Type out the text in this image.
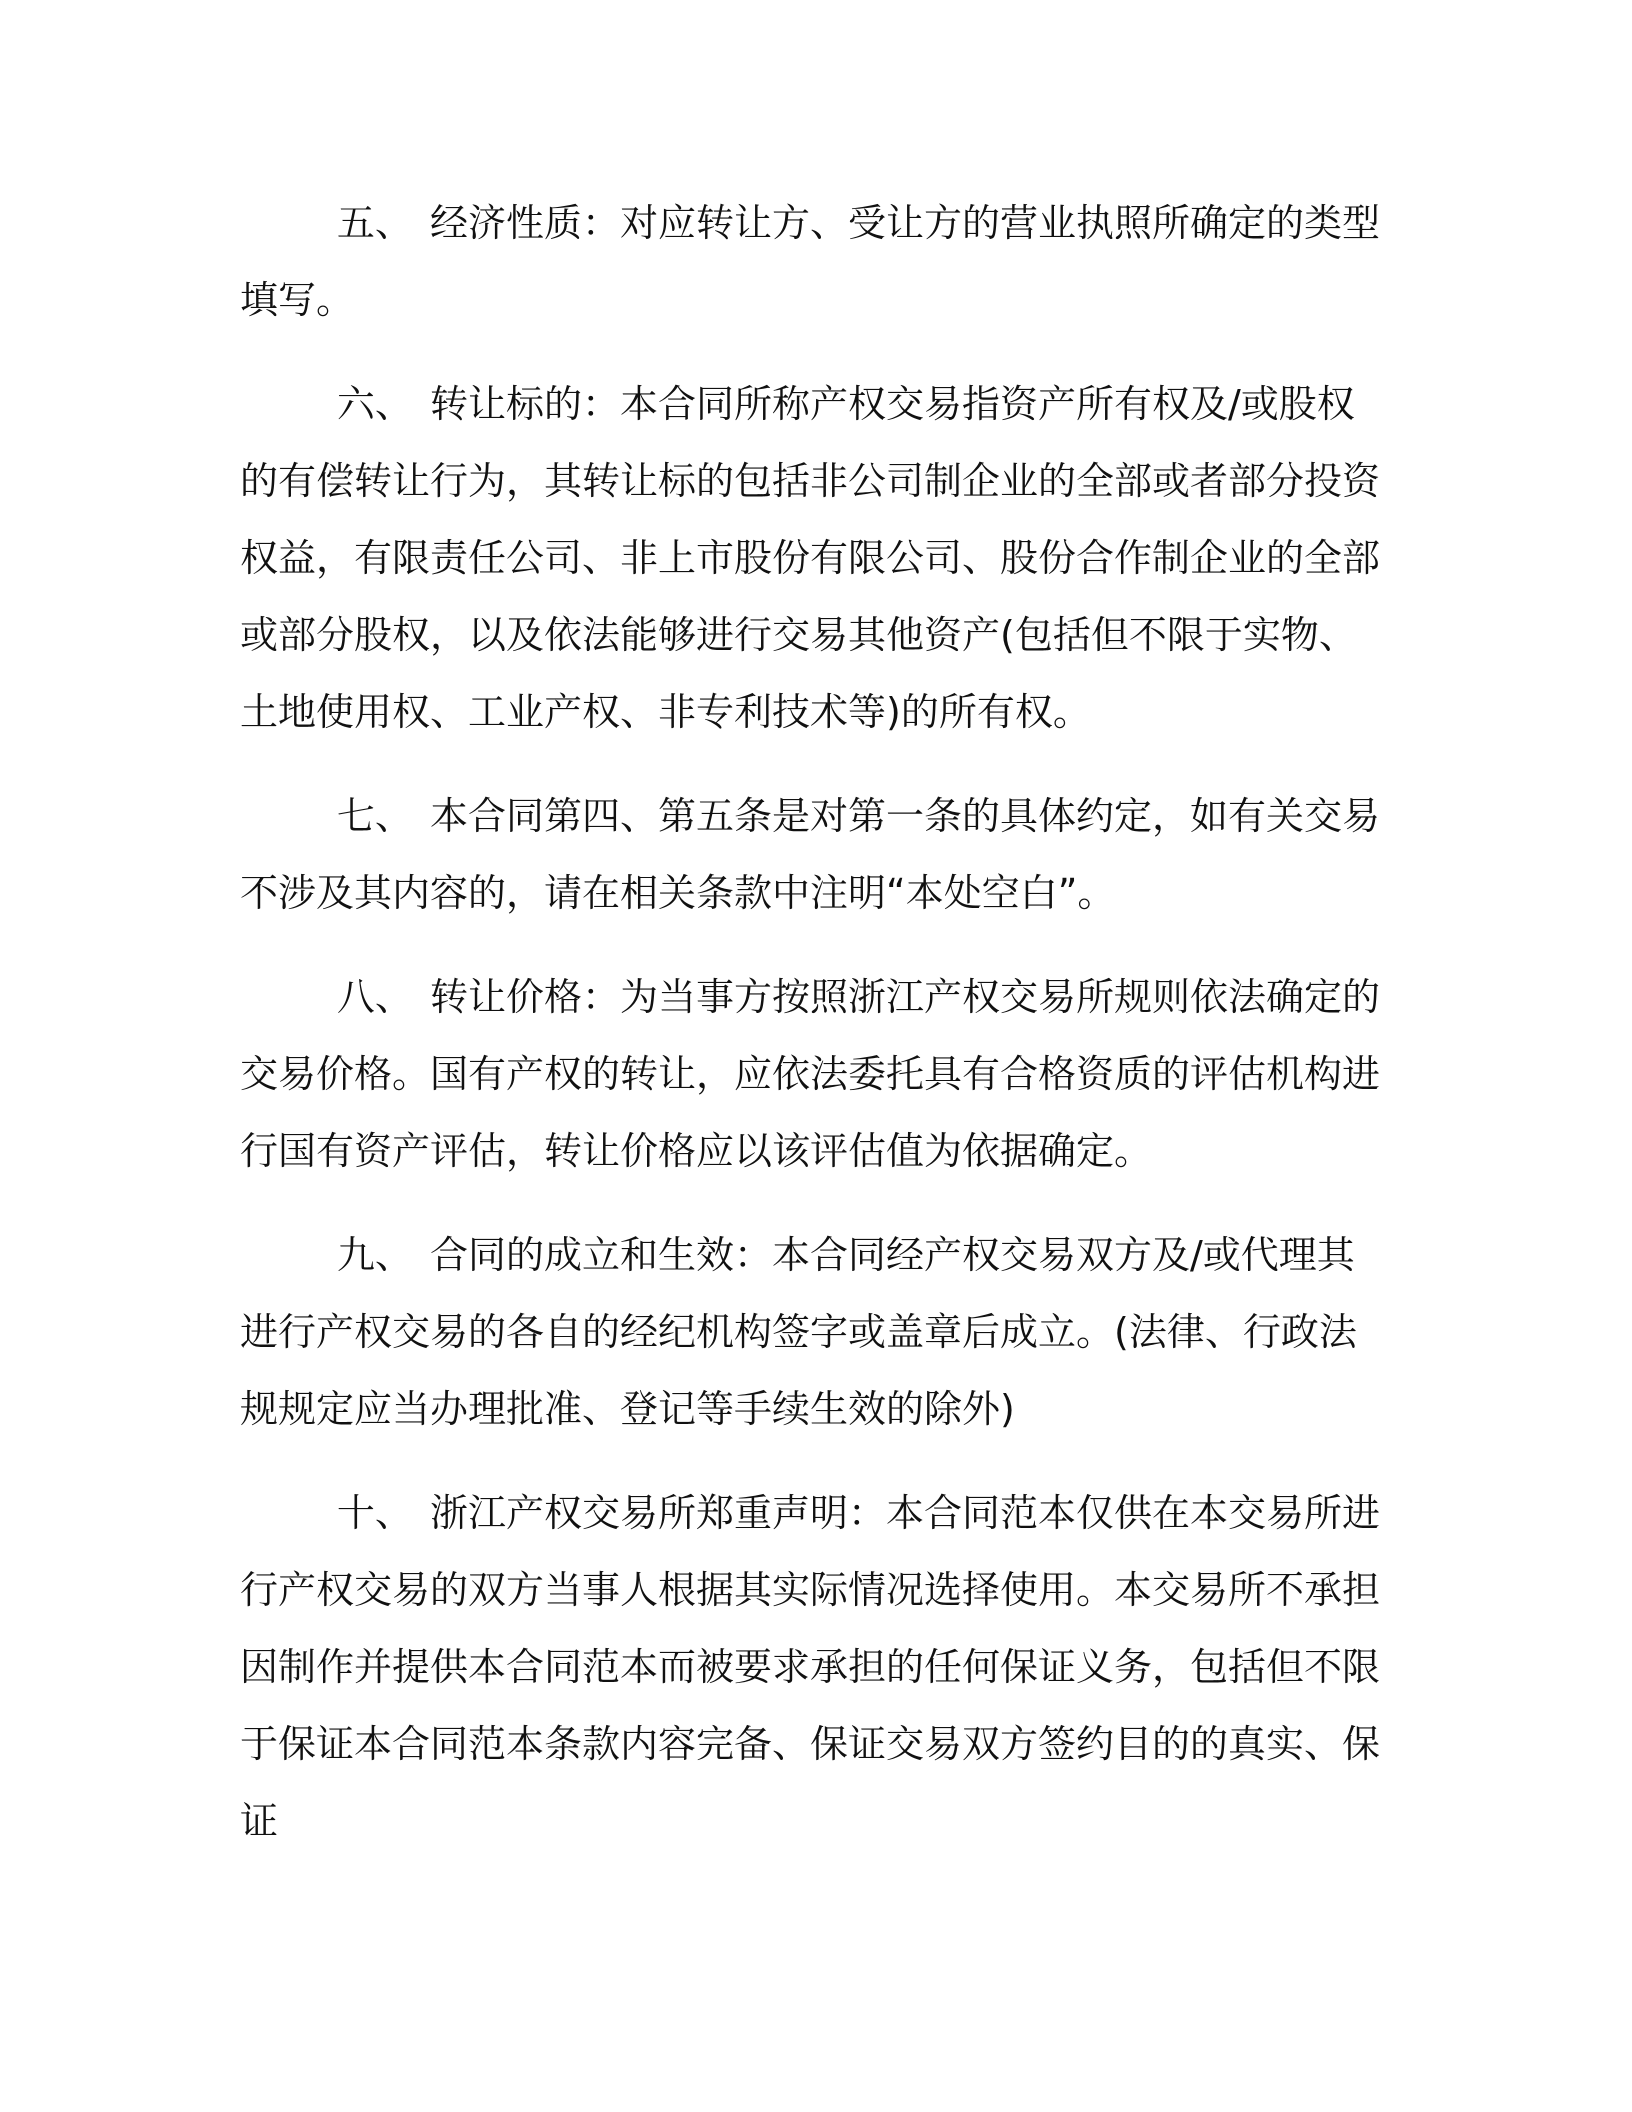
五、 经济性质：对应转让方、受让方的营业执照所确定的类型填写。

六、 转让标的：本合同所称产权交易指资产所有权及/或股权的有偿转让行为，其转让标的包括非公司制企业的全部或者部分投资权益，有限责任公司、非上市股份有限公司、股份合作制企业的全部或部分股权，以及依法能够进行交易其他资产(包括但不限于实物、土地使用权、工业产权、非专利技术等)的所有权。

七、 本合同第四、第五条是对第一条的具体约定，如有关交易不涉及其内容的，请在相关条款中注明“本处空白”。

八、 转让价格：为当事方按照浙江产权交易所规则依法确定的交易价格。国有产权的转让，应依法委托具有合格资质的评估机构进行国有资产评估，转让价格应以该评估值为依据确定。

九、 合同的成立和生效：本合同经产权交易双方及/或代理其进行产权交易的各自的经纪机构签字或盖章后成立。(法律、行政法规规定应当办理批准、登记等手续生效的除外)

十、 浙江产权交易所郑重声明：本合同范本仅供在本交易所进行产权交易的双方当事人根据其实际情况选择使用。本交易所不承担因制作并提供本合同范本而被要求承担的任何保证义务，包括但不限于保证本合同范本条款内容完备、保证交易双方签约目的的真实、保证
